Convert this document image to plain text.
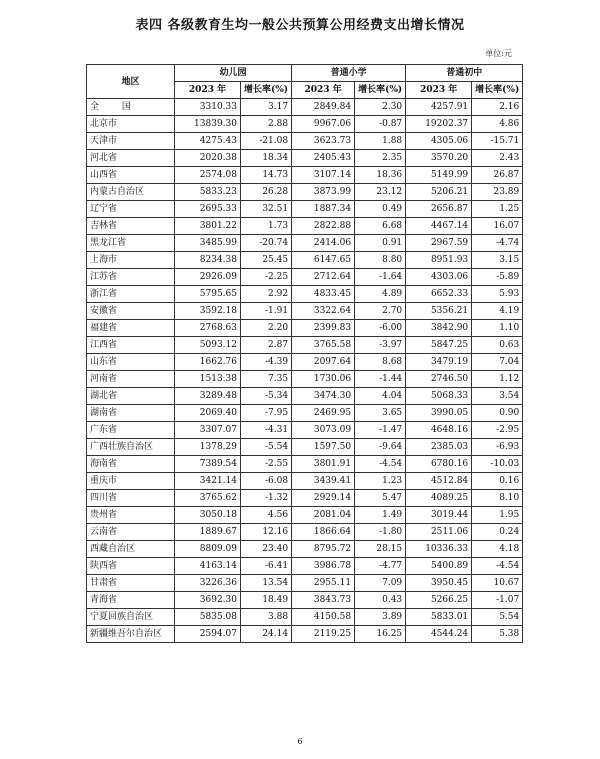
表四 各级教育生均一般公共预算公用经费支出增长情况
单位:元
地区	幼儿园		普通小学		普通初中	
	2023 年	增长率(%)	2023 年	增长率(%)	2023 年	增长率(%)
全 国	3310.33	3.17	2849.84	2.30	4257.91	2.16
北京市	13839.30	2.88	9967.06	-0.87	19202.37	4.86
天津市	4275.43	-21.08	3623.73	1.88	4305.06	-15.71
河北省	2020.38	18.34	2405.43	2.35	3570.20	2.43
山西省	2574.08	14.73	3107.14	18.36	5149.99	26.87
内蒙古自治区	5833.23	26.28	3873.99	23.12	5206.21	23.89
辽宁省	2695.33	32.51	1887.34	0.49	2656.87	1.25
吉林省	3801.22	1.73	2822.88	6.68	4467.14	16.07
黑龙江省	3485.99	-20.74	2414.06	0.91	2967.59	-4.74
上海市	8234.38	25.45	6147.65	8.80	8951.93	3.15
江苏省	2926.09	-2.25	2712.64	-1.64	4303.06	-5.89
浙江省	5795.65	2.92	4833.45	4.89	6652.33	5.93
安徽省	3592.18	-1.91	3322.64	2.70	5356.21	4.19
福建省	2768.63	2.20	2399.83	-6.00	3842.90	1.10
江西省	5093.12	2.87	3765.58	-3.97	5847.25	0.63
山东省	1662.76	-4.39	2097.64	8.68	3479.19	7.04
河南省	1513.38	7.35	1730.06	-1.44	2746.50	1.12
湖北省	3289.48	-5.34	3474.30	4.04	5068.33	3.54
湖南省	2069.40	-7.95	2469.95	3.65	3990.05	0.90
广东省	3307.07	-4.31	3073.09	-1.47	4648.16	-2.95
广西壮族自治区	1378.29	-5.54	1597.50	-9.64	2385.03	-6.93
海南省	7389.54	-2.55	3801.91	-4.54	6780.16	-10.03
重庆市	3421.14	-6.08	3439.41	1.23	4512.84	0.16
四川省	3765.62	-1.32	2929.14	5.47	4089.25	8.10
贵州省	3050.18	4.56	2081.04	1.49	3019.44	1.95
云南省	1889.67	12.16	1866.64	-1.80	2511.06	0.24
西藏自治区	8809.09	23.40	8795.72	28.15	10336.33	4.18
陕西省	4163.14	-6.41	3986.78	-4.77	5400.89	-4.54
甘肃省	3226.36	13.54	2955.11	7.09	3950.45	10.67
青海省	3692.30	18.49	3843.73	0.43	5266.25	-1.07
宁夏回族自治区	5835.08	3.88	4150.58	3.89	5833.01	5.54
新疆维吾尔自治区	2594.07	24.14	2119.25	16.25	4544.24	5.38
6
